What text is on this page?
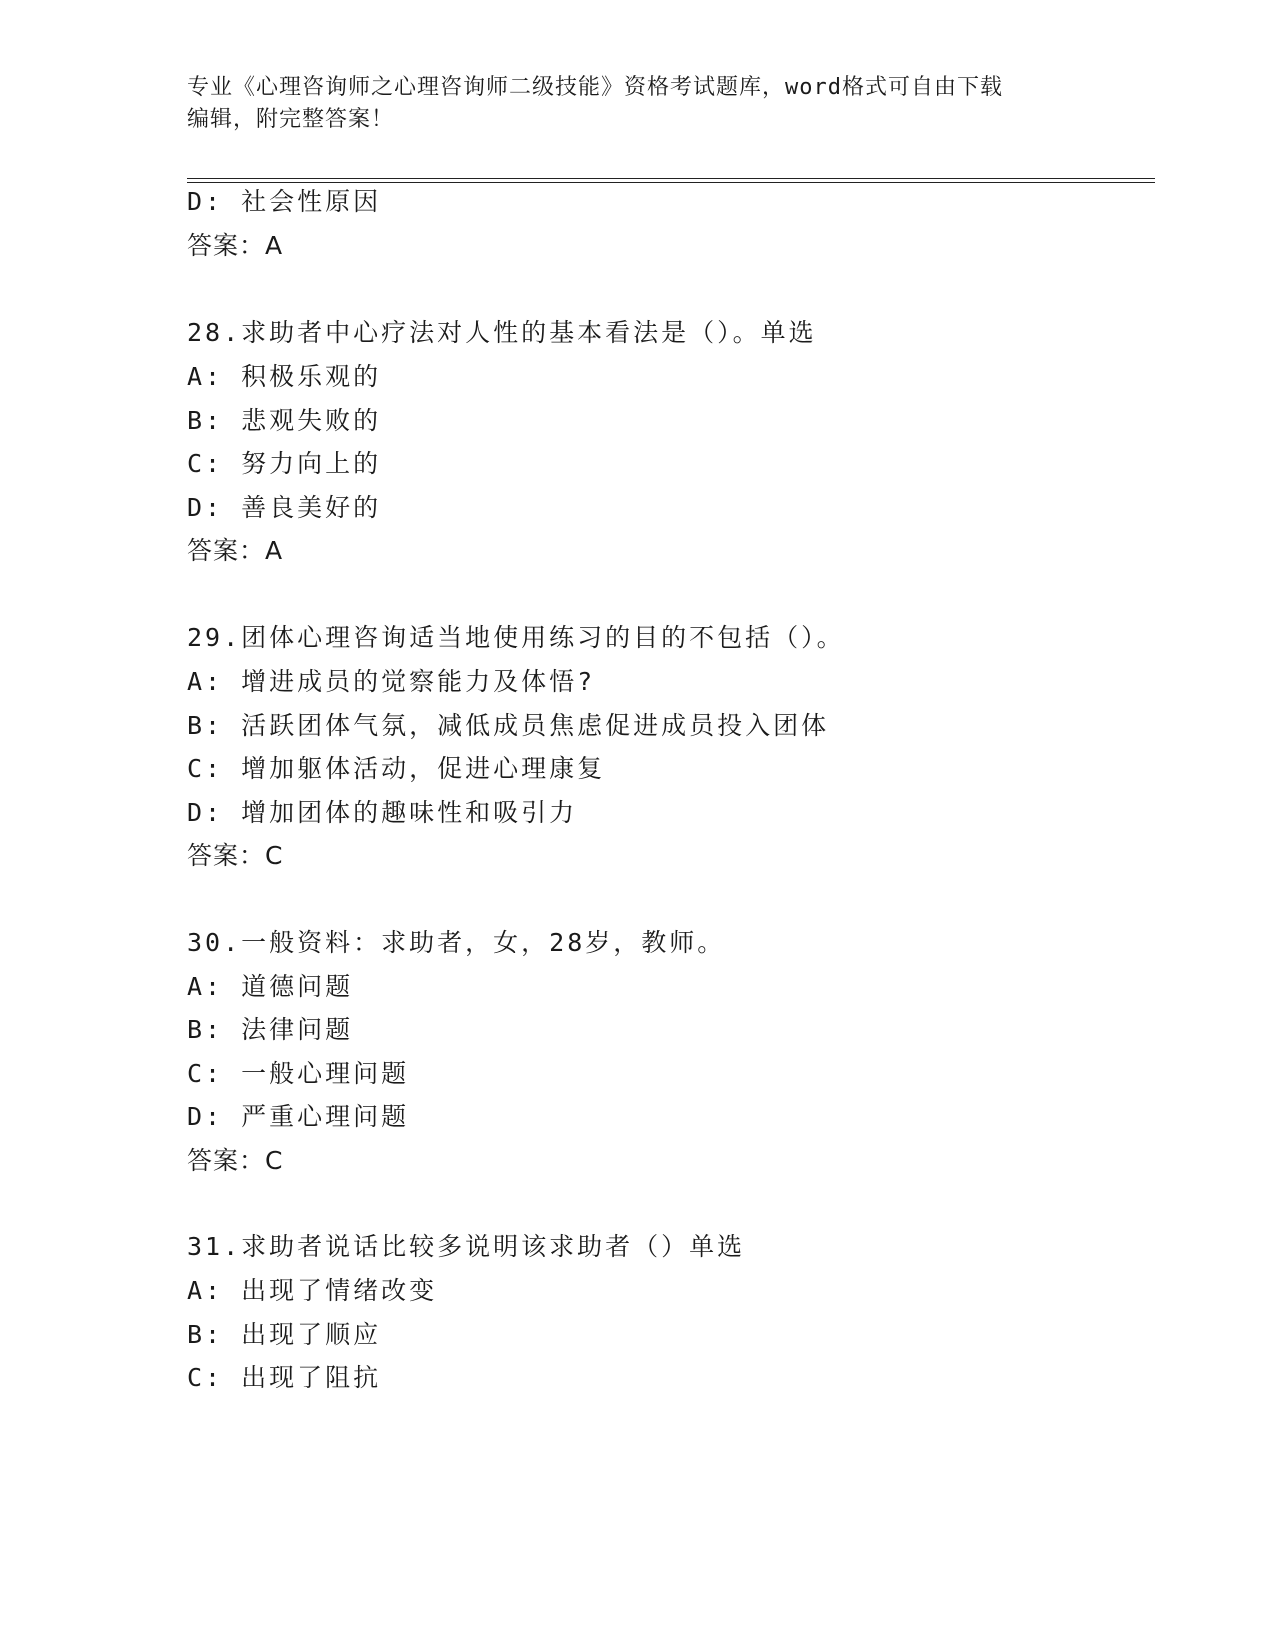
专业《心理咨询师之心理咨询师二级技能》资格考试题库，word格式可自由下载
编辑，附完整答案！
D: 社会性原因
答案：A
28.求助者中心疗法对人性的基本看法是（）。单选
A: 积极乐观的
B: 悲观失败的
C: 努力向上的
D: 善良美好的
答案：A
29.团体心理咨询适当地使用练习的目的不包括（）。
A: 增进成员的觉察能力及体悟?
B: 活跃团体气氛，减低成员焦虑促进成员投入团体
C: 增加躯体活动，促进心理康复
D: 增加团体的趣味性和吸引力
答案：C
30.一般资料：求助者，女，28岁，教师。
A: 道德问题
B: 法律问题
C: 一般心理问题
D: 严重心理问题
答案：C
31.求助者说话比较多说明该求助者（）单选
A: 出现了情绪改变
B: 出现了顺应
C: 出现了阻抗
